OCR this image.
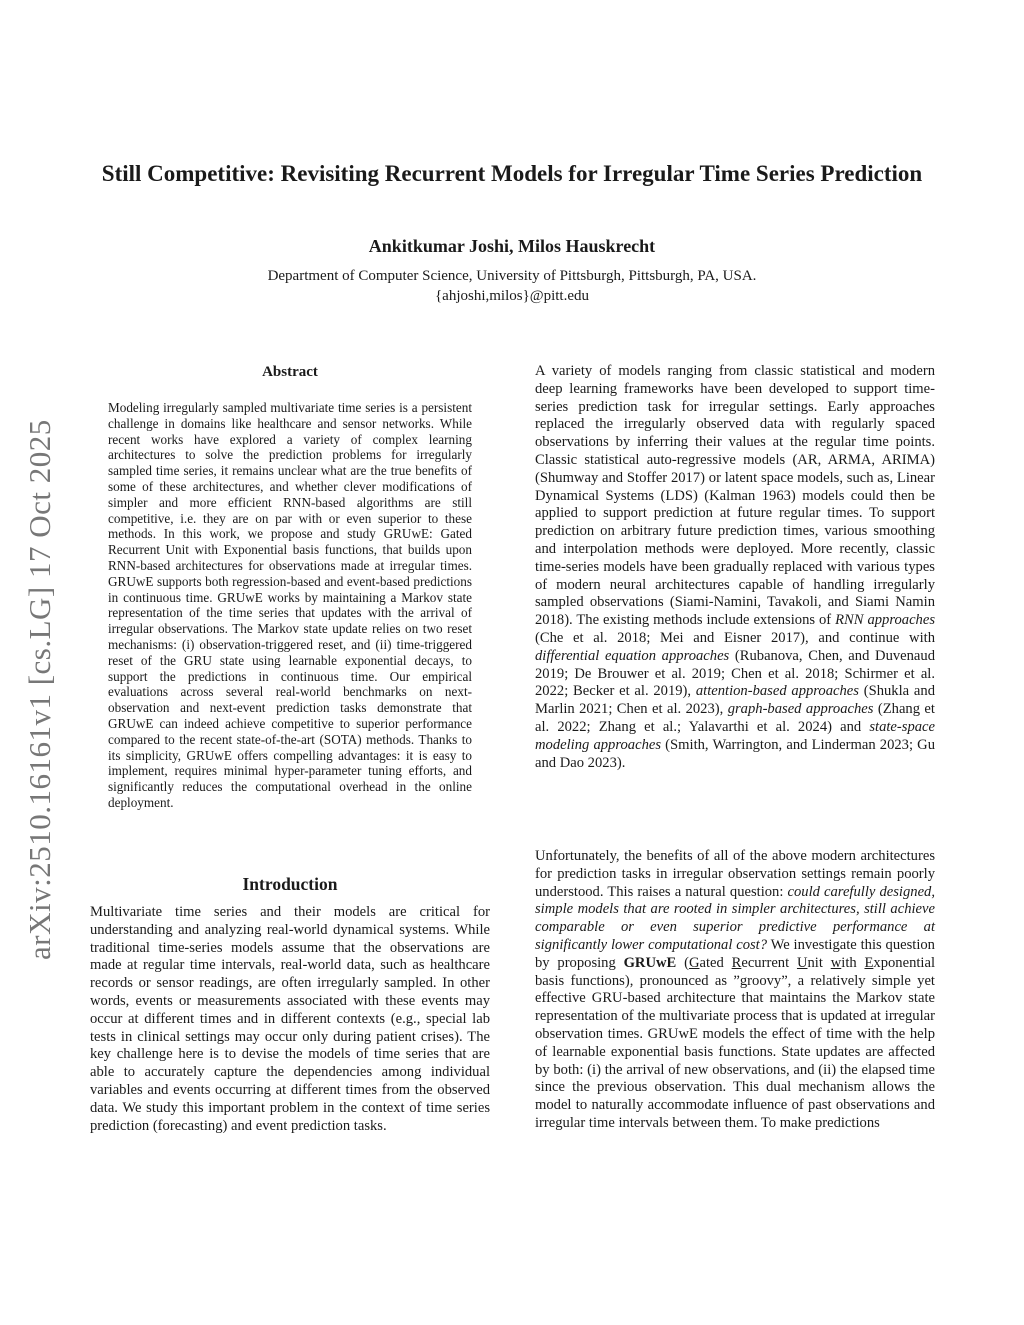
arXiv:2510.16161v1 [cs.LG] 17 Oct 2025
Still Competitive: Revisiting Recurrent Models for Irregular Time Series Prediction
Ankitkumar Joshi, Milos Hauskrecht
Department of Computer Science, University of Pittsburgh, Pittsburgh, PA, USA.
{ahjoshi,milos}@pitt.edu
Abstract

Modeling irregularly sampled multivariate time series is a persistent challenge in domains like healthcare and sensor networks. While recent works have explored a variety of complex learning architectures to solve the prediction problems for irregularly sampled time series, it remains unclear what are the true benefits of some of these architectures, and whether clever modifications of simpler and more efficient RNN-based algorithms are still competitive, i.e. they are on par with or even superior to these methods. In this work, we propose and study GRUwE: Gated Recurrent Unit with Exponential basis functions, that builds upon RNN-based architectures for observations made at irregular times. GRUwE supports both regression-based and event-based predictions in continuous time. GRUwE works by maintaining a Markov state representation of the time series that updates with the arrival of irregular observations. The Markov state update relies on two reset mechanisms: (i) observation-triggered reset, and (ii) time-triggered reset of the GRU state using learnable exponential decays, to support the predictions in continuous time. Our empirical evaluations across several real-world benchmarks on next-observation and next-event prediction tasks demonstrate that GRUwE can indeed achieve competitive to superior performance compared to the recent state-of-the-art (SOTA) methods. Thanks to its simplicity, GRUwE offers compelling advantages: it is easy to implement, requires minimal hyper-parameter tuning efforts, and significantly reduces the computational overhead in the online deployment.

Introduction

Multivariate time series and their models are critical for understanding and analyzing real-world dynamical systems. While traditional time-series models assume that the observations are made at regular time intervals, real-world data, such as healthcare records or sensor readings, are often irregularly sampled. In other words, events or measurements associated with these events may occur at different times and in different contexts (e.g., special lab tests in clinical settings may occur only during patient crises). The key challenge here is to devise the models of time series that are able to accurately capture the dependencies among individual variables and events occurring at different times from the observed data. We study this important problem in the context of time series prediction (forecasting) and event prediction tasks.

A variety of models ranging from classic statistical and modern deep learning frameworks have been developed to support time-series prediction task for irregular settings. Early approaches replaced the irregularly observed data with regularly spaced observations by inferring their values at the regular time points. Classic statistical auto-regressive models (AR, ARMA, ARIMA) (Shumway and Stoffer 2017) or latent space models, such as, Linear Dynamical Systems (LDS) (Kalman 1963) models could then be applied to support prediction at future regular times. To support prediction on arbitrary future prediction times, various smoothing and interpolation methods were deployed. More recently, classic time-series models have been gradually replaced with various types of modern neural architectures capable of handling irregularly sampled observations (Siami-Namini, Tavakoli, and Siami Namin 2018). The existing methods include extensions of RNN approaches (Che et al. 2018; Mei and Eisner 2017), and continue with differential equation approaches (Rubanova, Chen, and Duvenaud 2019; De Brouwer et al. 2019; Chen et al. 2018; Schirmer et al. 2022; Becker et al. 2019), attention-based approaches (Shukla and Marlin 2021; Chen et al. 2023), graph-based approaches (Zhang et al. 2022; Zhang et al.; Yalavarthi et al. 2024) and state-space modeling approaches (Smith, Warrington, and Linderman 2023; Gu and Dao 2023).

Unfortunately, the benefits of all of the above modern architectures for prediction tasks in irregular observation settings remain poorly understood. This raises a natural question: could carefully designed, simple models that are rooted in simpler architectures, still achieve comparable or even superior predictive performance at significantly lower computational cost? We investigate this question by proposing GRUwE (Gated Recurrent Unit with Exponential basis functions), pronounced as ”groovy”, a relatively simple yet effective GRU-based architecture that maintains the Markov state representation of the multivariate process that is updated at irregular observation times. GRUwE models the effect of time with the help of learnable exponential basis functions. State updates are affected by both: (i) the arrival of new observations, and (ii) the elapsed time since the previous observation. This dual mechanism allows the model to naturally accommodate influence of past observations and irregular time intervals between them. To make predictions
